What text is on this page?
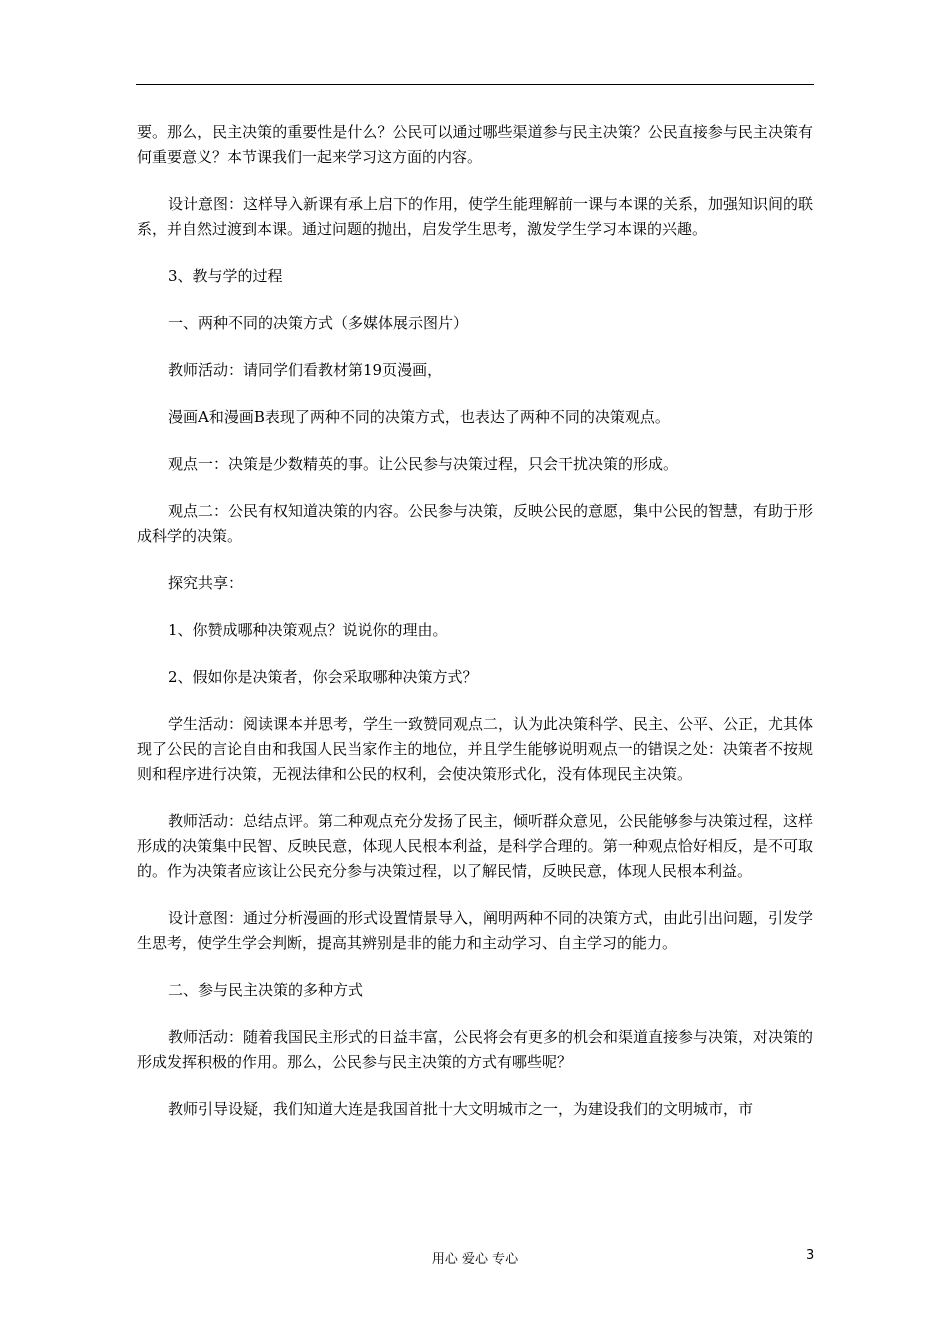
要。那么，民主决策的重要性是什么？公民可以通过哪些渠道参与民主决策？公民直接参与民主决策有何重要意义？本节课我们一起来学习这方面的内容。

设计意图：这样导入新课有承上启下的作用，使学生能理解前一课与本课的关系，加强知识间的联系，并自然过渡到本课。通过问题的抛出，启发学生思考，激发学生学习本课的兴趣。

3、教与学的过程

一、两种不同的决策方式（多媒体展示图片）

教师活动：请同学们看教材第19页漫画，

漫画A和漫画B表现了两种不同的决策方式，也表达了两种不同的决策观点。

观点一：决策是少数精英的事。让公民参与决策过程，只会干扰决策的形成。

观点二：公民有权知道决策的内容。公民参与决策，反映公民的意愿，集中公民的智慧，有助于形成科学的决策。

探究共享：

1、你赞成哪种决策观点？说说你的理由。

2、假如你是决策者，你会采取哪种决策方式？

学生活动：阅读课本并思考，学生一致赞同观点二，认为此决策科学、民主、公平、公正，尤其体现了公民的言论自由和我国人民当家作主的地位，并且学生能够说明观点一的错误之处：决策者不按规则和程序进行决策，无视法律和公民的权利，会使决策形式化，没有体现民主决策。

教师活动：总结点评。第二种观点充分发扬了民主，倾听群众意见，公民能够参与决策过程，这样形成的决策集中民智、反映民意，体现人民根本利益，是科学合理的。第一种观点恰好相反，是不可取的。作为决策者应该让公民充分参与决策过程，以了解民情，反映民意，体现人民根本利益。

设计意图：通过分析漫画的形式设置情景导入，阐明两种不同的决策方式，由此引出问题，引发学生思考，使学生学会判断，提高其辨别是非的能力和主动学习、自主学习的能力。

二、参与民主决策的多种方式

教师活动：随着我国民主形式的日益丰富，公民将会有更多的机会和渠道直接参与决策，对决策的形成发挥积极的作用。那么，公民参与民主决策的方式有哪些呢？

教师引导设疑，我们知道大连是我国首批十大文明城市之一，为建设我们的文明城市，市

用心 爱心 专心	3
